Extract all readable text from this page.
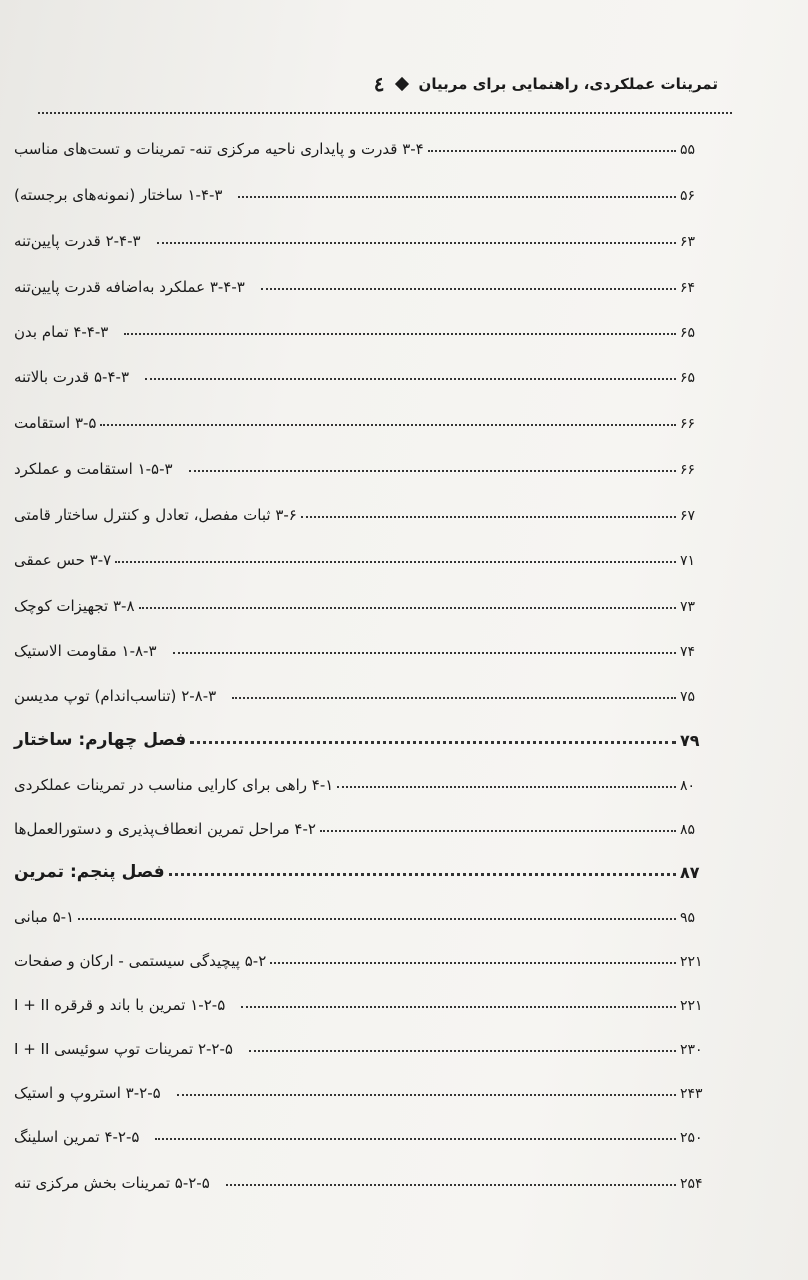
٤ تمرینات عملکردی، راهنمایی برای مربیان
۳-۴ قدرت و پایداری ناحیه مرکزی تنه- تمرینات و تست‌های مناسب	۵۵
۱-۴-۳ ساختار (نمونه‌های برجسته)	۵۶
۲-۴-۳ قدرت پایین‌تنه	۶۳
۳-۴-۳ عملکرد به‌اضافه قدرت پایین‌تنه	۶۴
۴-۴-۳ تمام بدن	۶۵
۵-۴-۳ قدرت بالاتنه	۶۵
۳-۵ استقامت	۶۶
۱-۵-۳ استقامت و عملکرد	۶۶
۳-۶ ثبات مفصل، تعادل و کنترل ساختار قامتی	۶۷
۳-۷ حس عمقی	۷۱
۳-۸ تجهیزات کوچک	۷۳
۱-۸-۳ مقاومت الاستیک	۷۴
۲-۸-۳ (تناسب‌اندام) توپ مدیسن	۷۵
فصل چهارم: ساختار	۷۹
۴-۱ راهی برای کارایی مناسب در تمرینات عملکردی	۸۰
۴-۲ مراحل تمرین انعطاف‌پذیری و دستورالعمل‌ها	۸۵
فصل پنجم: تمرین	۸۷
۵-۱ مبانی	۹۵
۵-۲ پیچیدگی سیستمی - ارکان و صفحات	۲۲۱
۱-۲-۵ تمرین با باند و قرقره I + II	۲۲۱
۲-۲-۵ تمرینات توپ سوئیسی I + II	۲۳۰
۳-۲-۵ استروپ و استیک	۲۴۳
۴-۲-۵ تمرین اسلینگ	۲۵۰
۵-۲-۵ تمرینات بخش مرکزی تنه	۲۵۴
